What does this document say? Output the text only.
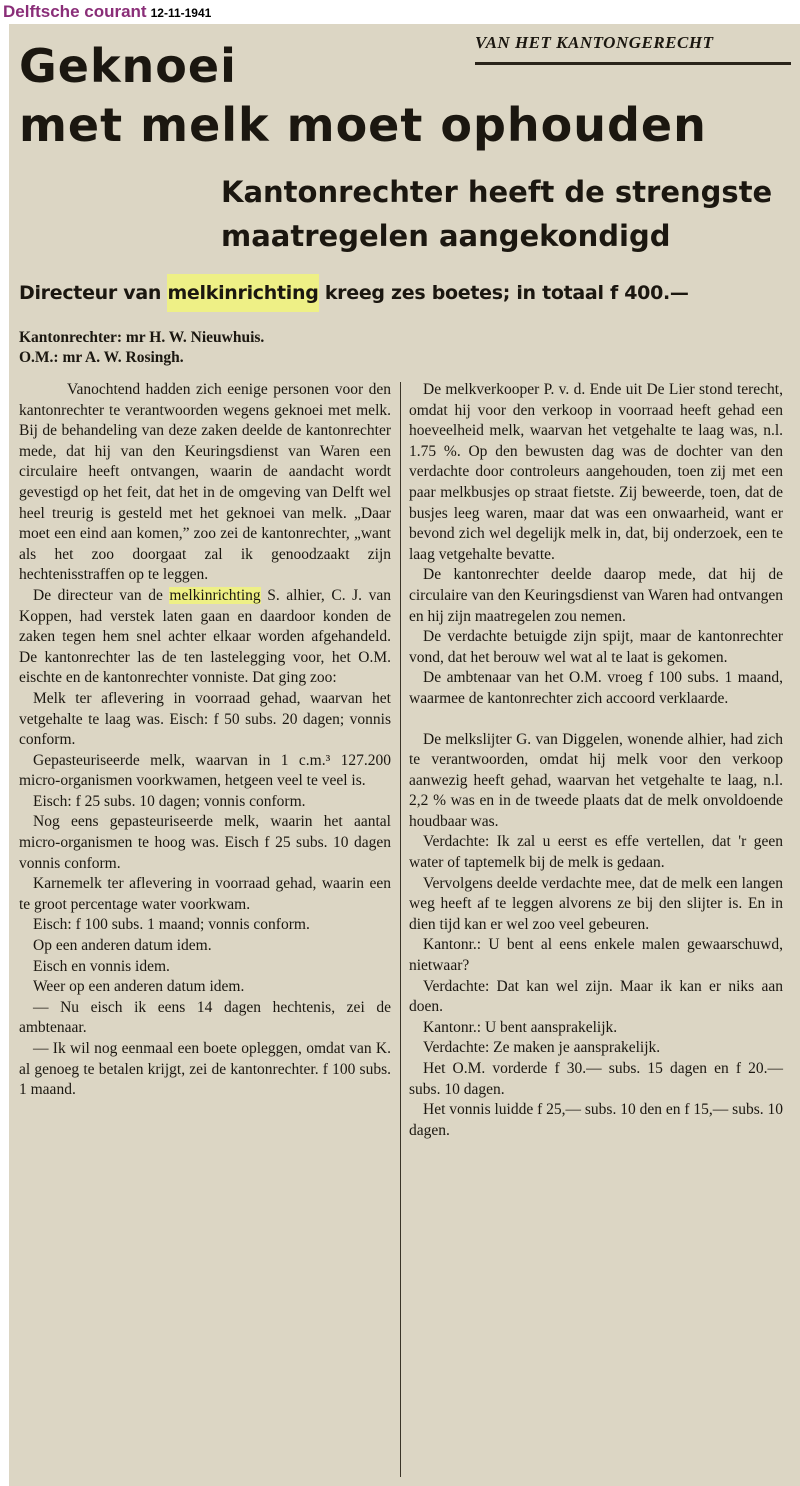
Delftsche courant 12-11-1941
VAN HET KANTONGERECHT
Geknoei
met melk moet ophouden
Kantonrechter heeft de strengste
maatregelen aangekondigd
Directeur van melkinrichting kreeg zes boetes; in totaal f 400.—
Kantonrechter: mr H. W. Nieuwhuis.
O.M.: mr A. W. Rosingh.

Vanochtend hadden zich eenige personen voor den kantonrechter te verantwoorden wegens geknoei met melk. Bij de behandeling van deze zaken deelde de kantonrechter mede, dat hij van den Keuringsdienst van Waren een circulaire heeft ontvangen, waarin de aandacht wordt gevestigd op het feit, dat het in de omgeving van Delft wel heel treurig is gesteld met het geknoei van melk. „Daar moet een eind aan komen,” zoo zei de kantonrechter, „want als het zoo doorgaat zal ik genoodzaakt zijn hechtenisstraffen op te leggen.

De directeur van de melkinrichting S. alhier, C. J. van Koppen, had verstek laten gaan en daardoor konden de zaken tegen hem snel achter elkaar worden afgehandeld. De kantonrechter las de ten lastelegging voor, het O.M. eischte en de kantonrechter vonniste. Dat ging zoo:

Melk ter aflevering in voorraad gehad, waarvan het vetgehalte te laag was. Eisch: f 50 subs. 20 dagen; vonnis conform.

Gepasteuriseerde melk, waarvan in 1 c.m.³ 127.200 micro-organismen voorkwamen, hetgeen veel te veel is.

Eisch: f 25 subs. 10 dagen; vonnis conform.

Nog eens gepasteuriseerde melk, waarin het aantal micro-organismen te hoog was. Eisch f 25 subs. 10 dagen vonnis conform.

Karnemelk ter aflevering in voorraad gehad, waarin een te groot percentage water voorkwam.

Eisch: f 100 subs. 1 maand; vonnis conform.

Op een anderen datum idem.

Eisch en vonnis idem.

Weer op een anderen datum idem.

— Nu eisch ik eens 14 dagen hechtenis, zei de ambtenaar.

— Ik wil nog eenmaal een boete opleggen, omdat van K. al genoeg te betalen krijgt, zei de kantonrechter. f 100 subs. 1 maand.

De melkverkooper P. v. d. Ende uit De Lier stond terecht, omdat hij voor den verkoop in voorraad heeft gehad een hoeveelheid melk, waarvan het vetgehalte te laag was, n.l. 1.75 %. Op den bewusten dag was de dochter van den verdachte door controleurs aangehouden, toen zij met een paar melkbusjes op straat fietste. Zij beweerde, toen, dat de busjes leeg waren, maar dat was een onwaarheid, want er bevond zich wel degelijk melk in, dat, bij onderzoek, een te laag vetgehalte bevatte.

De kantonrechter deelde daarop mede, dat hij de circulaire van den Keuringsdienst van Waren had ontvangen en hij zijn maatregelen zou nemen.

De verdachte betuigde zijn spijt, maar de kantonrechter vond, dat het berouw wel wat al te laat is gekomen.

De ambtenaar van het O.M. vroeg f 100 subs. 1 maand, waarmee de kantonrechter zich accoord verklaarde.

De melkslijter G. van Diggelen, wonende alhier, had zich te verantwoorden, omdat hij melk voor den verkoop aanwezig heeft gehad, waarvan het vetgehalte te laag, n.l. 2,2 % was en in de tweede plaats dat de melk onvoldoende houdbaar was.

Verdachte: Ik zal u eerst es effe vertellen, dat 'r geen water of taptemelk bij de melk is gedaan.

Vervolgens deelde verdachte mee, dat de melk een langen weg heeft af te leggen alvorens ze bij den slijter is. En in dien tijd kan er wel zoo veel gebeuren.

Kantonr.: U bent al eens enkele malen gewaarschuwd, nietwaar?

Verdachte: Dat kan wel zijn. Maar ik kan er niks aan doen.

Kantonr.: U bent aansprakelijk.

Verdachte: Ze maken je aansprakelijk.

Het O.M. vorderde f 30.— subs. 15 dagen en f 20.— subs. 10 dagen.

Het vonnis luidde f 25,— subs. 10 den en f 15,— subs. 10 dagen.
